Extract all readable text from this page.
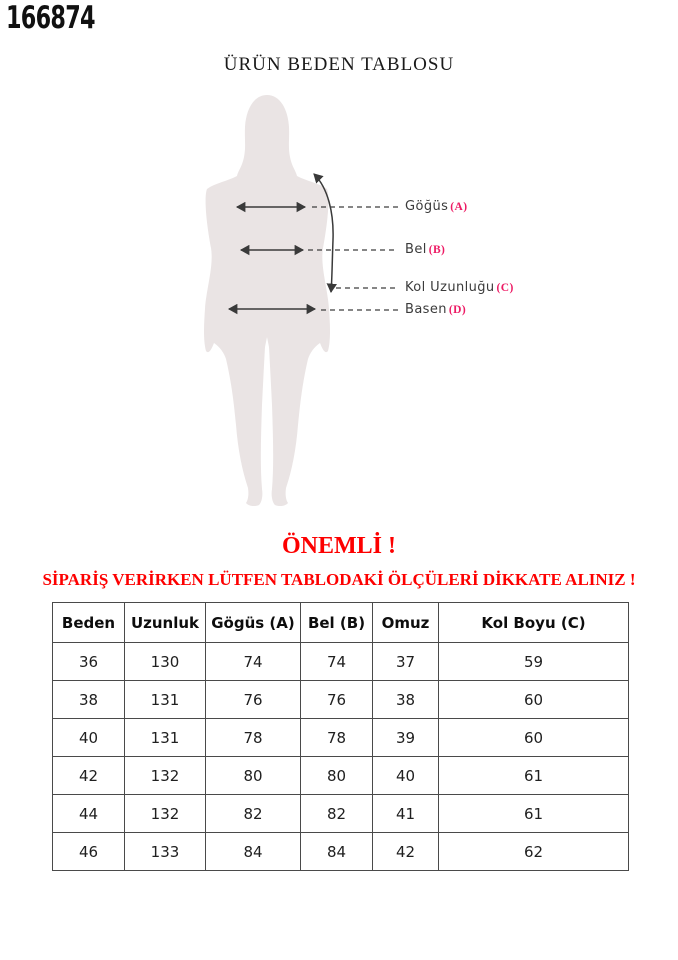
166874
ÜRÜN BEDEN TABLOSU
Göğüs (A)
Bel (B)
Kol Uzunluğu (C)
Basen (D)
ÖNEMLİ !
SİPARİŞ VERİRKEN LÜTFEN TABLODAKİ ÖLÇÜLERİ DİKKATE ALINIZ !
Beden	Uzunluk	Gögüs (A)	Bel (B)	Omuz	Kol Boyu (C)
36	130	74	74	37	59
38	131	76	76	38	60
40	131	78	78	39	60
42	132	80	80	40	61
44	132	82	82	41	61
46	133	84	84	42	62
